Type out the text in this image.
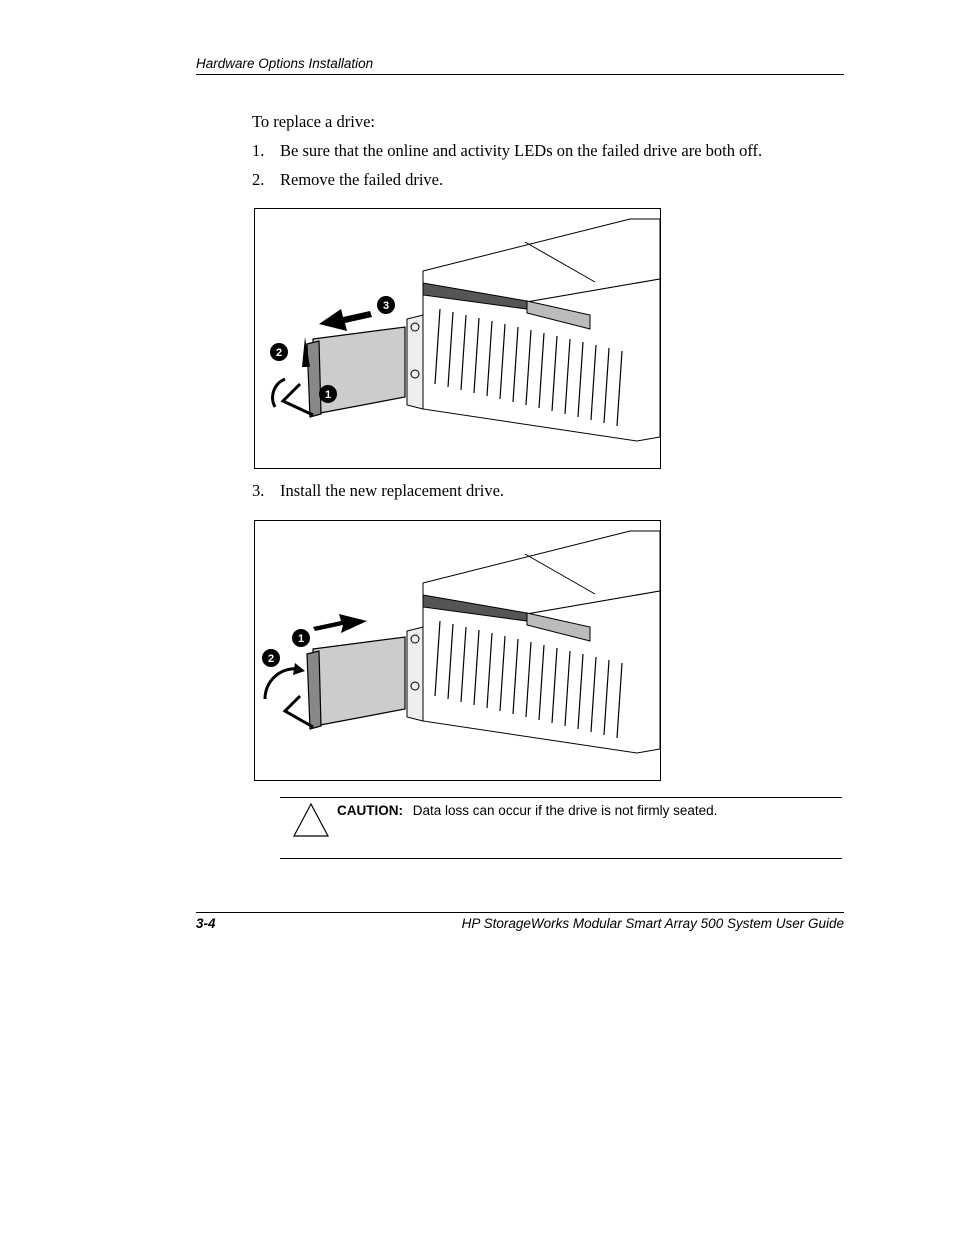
Hardware Options Installation
To replace a drive:
1. Be sure that the online and activity LEDs on the failed drive are both off.
2. Remove the failed drive.
3
2
1
3. Install the new replacement drive.
1
2
CAUTION: Data loss can occur if the drive is not firmly seated.
3-4	HP StorageWorks Modular Smart Array 500 System User Guide
